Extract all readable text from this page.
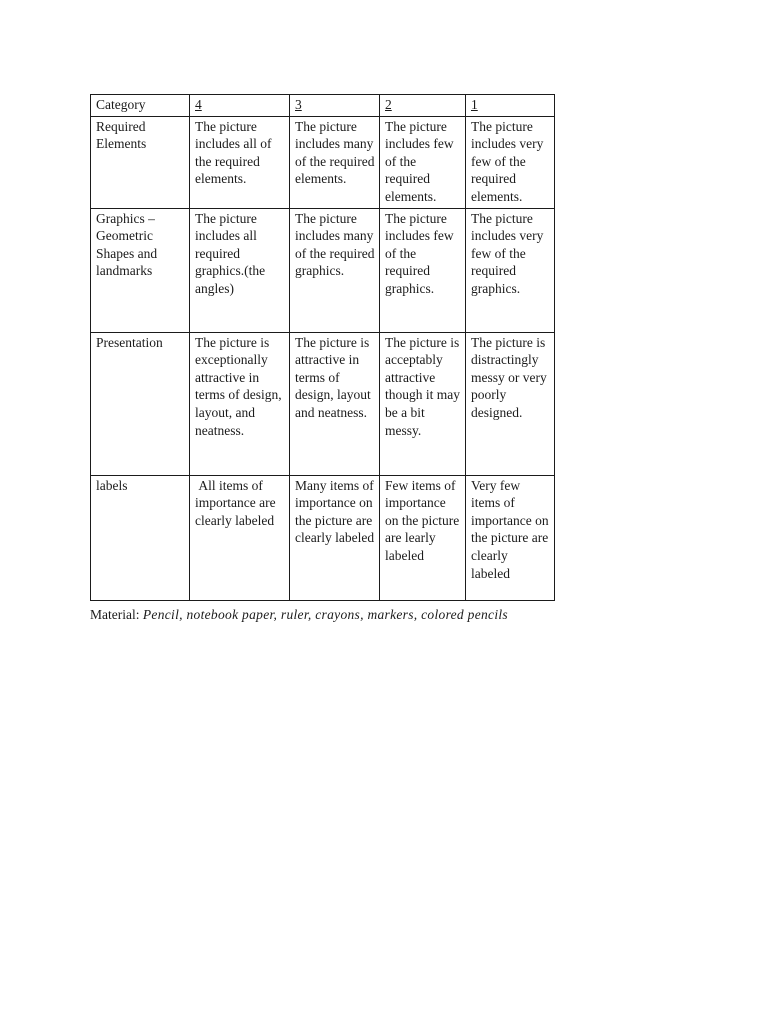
Category	4	3	2	1
Required Elements	The picture includes all of the required elements.	The picture includes many of the required elements.	The picture includes few of the required elements.	The picture includes very few of the required elements.
Graphics – Geometric Shapes and landmarks	The picture includes all required graphics.(the angles)	The picture includes many of the required graphics.	The picture includes few of the required graphics.	The picture includes very few of the required graphics.
Presentation	The picture is exceptionally attractive in terms of design, layout, and neatness.	The picture is attractive in terms of design, layout and neatness.	The picture is acceptably attractive though it may be a bit messy.	The picture is distractingly messy or very poorly designed.
labels	All items of importance are clearly labeled	Many items of importance on the picture are clearly labeled	Few items of importance on the picture are learly labeled	Very few items of importance on the picture are clearly labeled
Material: Pencil, notebook paper, ruler, crayons, markers, colored pencils
